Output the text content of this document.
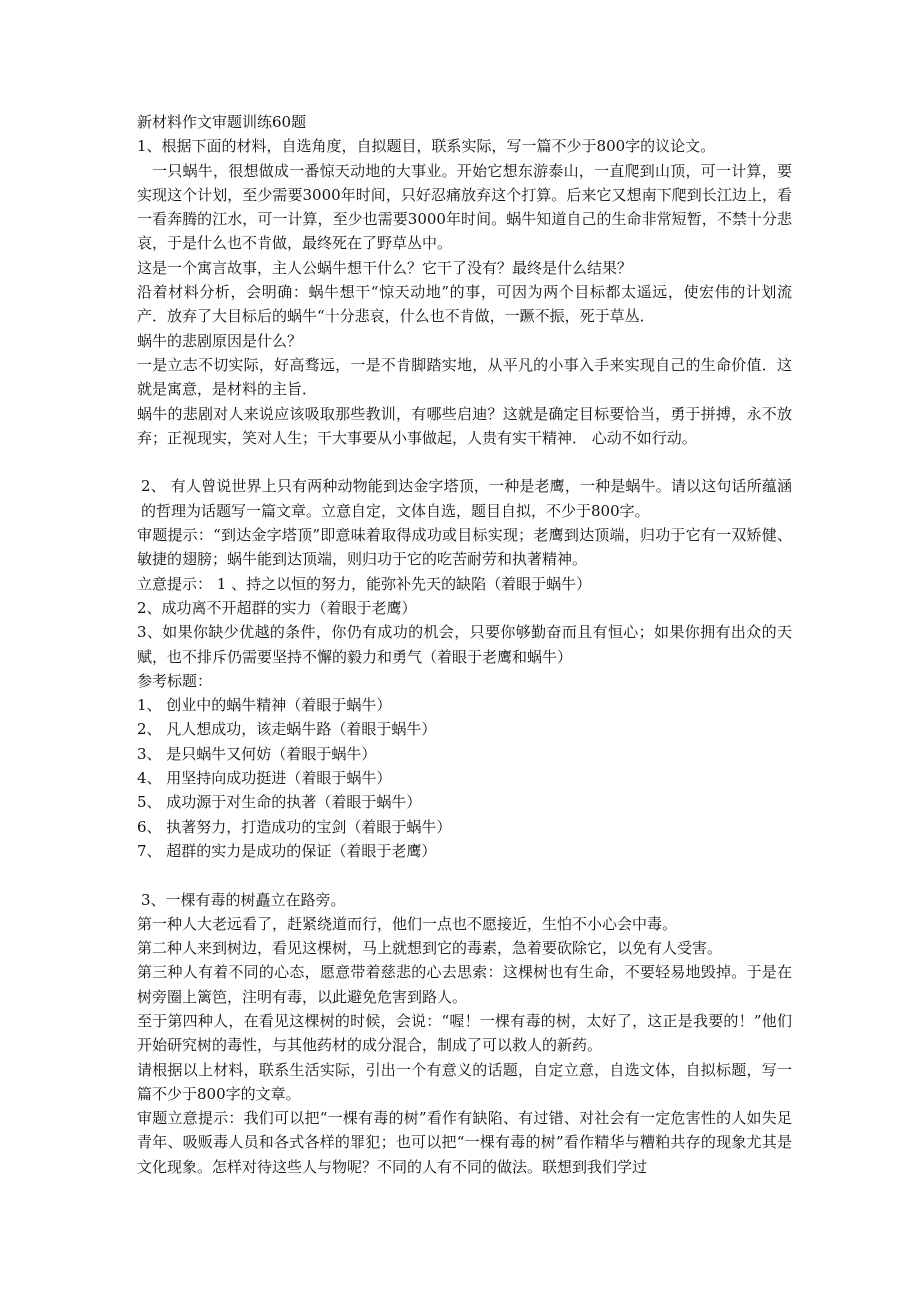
新材料作文审题训练60题

1、根据下面的材料，自选角度，自拟题目，联系实际，写一篇不少于800字的议论文。

一只蜗牛，很想做成一番惊天动地的大事业。开始它想东游泰山，一直爬到山顶，可一计算，要实现这个计划，至少需要3000年时间，只好忍痛放弃这个打算。后来它又想南下爬到长江边上，看一看奔腾的江水，可一计算，至少也需要3000年时间。蜗牛知道自己的生命非常短暂，不禁十分悲哀，于是什么也不肯做，最终死在了野草丛中。

这是一个寓言故事，主人公蜗牛想干什么？它干了没有？最终是什么结果？

沿着材料分析，会明确：蜗牛想干“惊天动地”的事，可因为两个目标都太遥远，使宏伟的计划流产．放弃了大目标后的蜗牛“十分悲哀，什么也不肯做，一蹶不振，死于草丛．

蜗牛的悲剧原因是什么？

一是立志不切实际，好高骛远，一是不肯脚踏实地，从平凡的小事入手来实现自己的生命价值．这就是寓意，是材料的主旨．

蜗牛的悲剧对人来说应该吸取那些教训，有哪些启迪？这就是确定目标要恰当，勇于拼搏，永不放弃；正视现实，笑对人生；干大事要从小事做起，人贵有实干精神． 心动不如行动。

2、 有人曾说世界上只有两种动物能到达金字塔顶，一种是老鹰，一种是蜗牛。请以这句话所蕴涵的哲理为话题写一篇文章。立意自定，文体自选，题目自拟，不少于800字。

审题提示：“到达金字塔顶”即意味着取得成功或目标实现；老鹰到达顶端，归功于它有一双矫健、敏捷的翅膀；蜗牛能到达顶端，则归功于它的吃苦耐劳和执著精神。

立意提示： 1 、持之以恒的努力，能弥补先天的缺陷（着眼于蜗牛）

2、成功离不开超群的实力（着眼于老鹰）

3、如果你缺少优越的条件，你仍有成功的机会，只要你够勤奋而且有恒心；如果你拥有出众的天赋，也不排斥仍需要坚持不懈的毅力和勇气（着眼于老鹰和蜗牛）

参考标题：

1、 创业中的蜗牛精神（着眼于蜗牛）

2、 凡人想成功，该走蜗牛路（着眼于蜗牛）

3、 是只蜗牛又何妨（着眼于蜗牛）

4、 用坚持向成功挺进（着眼于蜗牛）

5、 成功源于对生命的执著（着眼于蜗牛）

6、 执著努力，打造成功的宝剑（着眼于蜗牛）

7、 超群的实力是成功的保证（着眼于老鹰）

3、一棵有毒的树矗立在路旁。

第一种人大老远看了，赶紧绕道而行，他们一点也不愿接近，生怕不小心会中毒。

第二种人来到树边，看见这棵树，马上就想到它的毒素，急着要砍除它，以免有人受害。

第三种人有着不同的心态，愿意带着慈悲的心去思索：这棵树也有生命，不要轻易地毁掉。于是在树旁圈上篱笆，注明有毒，以此避免危害到路人。

至于第四种人，在看见这棵树的时候，会说：“喔！一棵有毒的树，太好了，这正是我要的！”他们开始研究树的毒性，与其他药材的成分混合，制成了可以救人的新药。

请根据以上材料，联系生活实际，引出一个有意义的话题，自定立意，自选文体，自拟标题，写一篇不少于800字的文章。

审题立意提示：我们可以把“一棵有毒的树”看作有缺陷、有过错、对社会有一定危害性的人如失足青年、吸贩毒人员和各式各样的罪犯；也可以把“一棵有毒的树”看作精华与糟粕共存的现象尤其是文化现象。怎样对待这些人与物呢？不同的人有不同的做法。联想到我们学过
